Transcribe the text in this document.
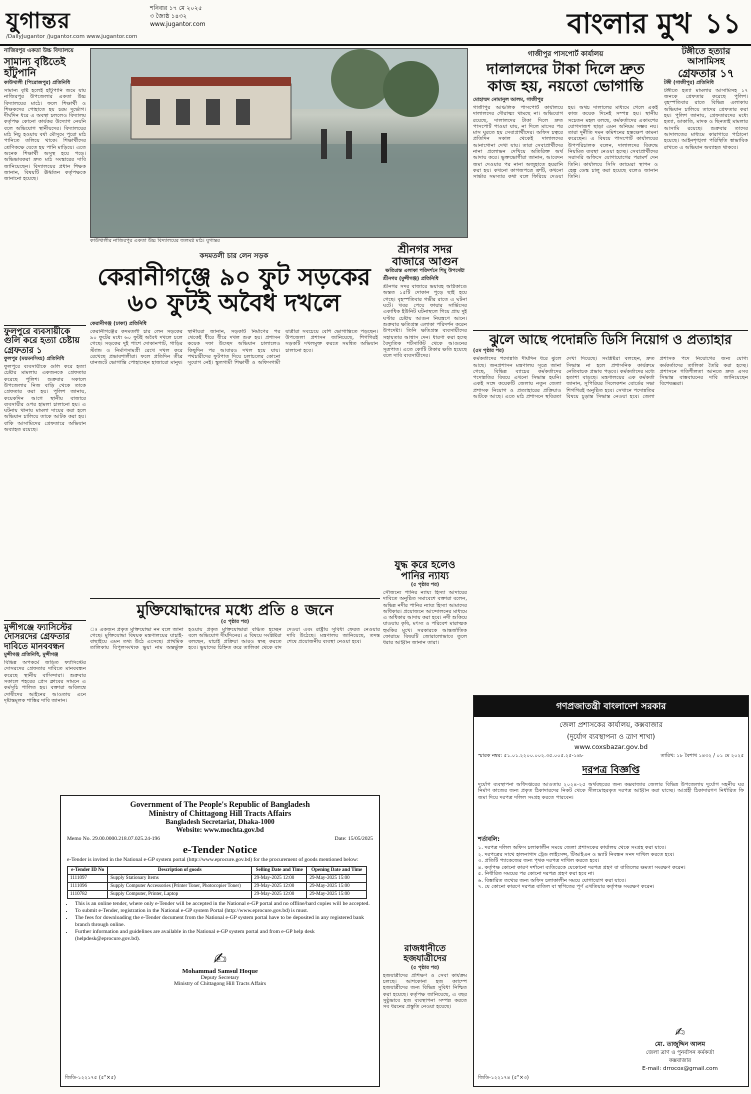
যুগান্তর	শনিবার ১৭ মে ২০২৫
৩ জ্যৈষ্ঠ ১৪৩২
www.jugantor.com
/DailyJugantor /jugantor.com www.jugantor.com	বাংলার মুখ ১১
নাজিরপুর একতা উচ্চ বিদ্যালয়ে
সামান্য বৃষ্টিতেই হাঁটুপানি
কাউখালী (পিরোজপুর) প্রতিনিধি
সামান্য বৃষ্টি হলেই হাঁটুপানি জমে যায় নাজিরপুর উপজেলার একতা উচ্চ বিদ্যালয়ের মাঠে। ফলে শিক্ষার্থী ও শিক্ষকদের পোহাতে হয় চরম দুর্ভোগ। দীর্ঘদিন ধরে এ অবস্থা চললেও বিদ্যালয় কর্তৃপক্ষ কোনো কার্যকর উদ্যোগ নেয়নি বলে অভিযোগ স্থানীয়দের। বিদ্যালয়ের মাঠ নিচু হওয়ায় বর্ষা মৌসুমে পুরো মাঠ পানিতে তলিয়ে থাকে। শিক্ষার্থীদের শ্রেণিকক্ষে যেতে হয় পানি মাড়িয়ে। এতে অনেক শিক্ষার্থী অসুস্থ হয়ে পড়ে। অভিভাবকরা দ্রুত মাঠ সংস্কারের দাবি জানিয়েছেন। বিদ্যালয়ের প্রধান শিক্ষক জানান, বিষয়টি ঊর্ধ্বতন কর্তৃপক্ষকে জানানো হয়েছে।
ফুলপুরে ব্যবসায়ীকে গুলি করে হত্যা চেষ্টায় গ্রেফতার ১
ফুলপুর (ময়মনসিংহ) প্রতিনিধি
ফুলপুরে ব্যবসায়ীকে গুলি করে হত্যা চেষ্টার মামলায় একজনকে গ্রেফতার করেছে পুলিশ। শুক্রবার সকালে উপজেলার নিজ বাড়ি থেকে তাকে গ্রেফতার করা হয়। পুলিশ জানায়, কয়েকদিন আগে স্থানীয় বাজারে ব্যবসায়ীর ওপর হামলা চালানো হয়। এ ঘটনায় থানায় মামলা দায়ের করা হলে অভিযান চালিয়ে তাকে আটক করা হয়। বাকি আসামিদের গ্রেফতারে অভিযান অব্যাহত রয়েছে।
মুন্সীগঞ্জে ফ্যাসিস্টের দোসরদের গ্রেফতার দাবিতে মানববন্ধন
মুন্সীগঞ্জ প্রতিনিধি, মুন্সীগঞ্জ
বিভিন্ন অপকর্মে জড়িত ফ্যাসিস্টের দোসরদের গ্রেফতার দাবিতে মানববন্ধন করেছে স্থানীয় বাসিন্দারা। শুক্রবার সকালে শহরের প্রেস ক্লাবের সামনে এ কর্মসূচি পালিত হয়। বক্তারা অবিলম্বে দোষীদের আইনের আওতায় এনে দৃষ্টান্তমূলক শাস্তির দাবি জানান।
কাউখালীর নাজিরপুর একতা উচ্চ বিদ্যালয়ের জলমগ্ন মাঠ। যুগান্তর
কদমতলী চার লেন সড়ক
কেরানীগঞ্জে ৯০ ফুট সড়কের ৬০ ফুটই অবৈধ দখলে
কেরানীগঞ্জ (ঢাকা) প্রতিনিধি
কেরানীগঞ্জের কদমতলী চার লেন সড়কের ৯০ ফুটের মধ্যে ৬০ ফুটই অবৈধ দখলে চলে গেছে। সড়কের দুই পাশে দোকানপাট, গাড়ির স্ট্যান্ড ও নির্মাণসামগ্রী রেখে দখল করে রেখেছে প্রভাবশালীরা। ফলে প্রতিদিন তীব্র যানজটে ভোগান্তি পোহাচ্ছেন হাজারো মানুষ। স্থানীয়রা জানান, সড়কটি নির্মাণের পর থেকেই ধীরে ধীরে দখল শুরু হয়। প্রশাসন কয়েক দফা উচ্ছেদ অভিযান চালালেও কিছুদিন পর আবারও দখল হয়ে যায়। পথচারীদের ফুটপাত দিয়ে চলাচলের কোনো সুযোগ নেই। স্কুলগামী শিক্ষার্থী ও অফিসগামী যাত্রীরা সবচেয়ে বেশি ভোগান্তিতে পড়ছেন। উপজেলা প্রশাসন জানিয়েছে, শিগগিরই সড়কটি দখলমুক্ত করতে সমন্বিত অভিযান চালানো হবে।
শ্রীনগর সদর বাজারে আগুন
ক্ষতিগ্রস্ত এলাকা পরিদর্শনে শিমু উপদেষ্টা
শ্রীনগর (মুন্সীগঞ্জ) প্রতিনিধি
শ্রীনগর সদর বাজারে ভয়াবহ অগ্নিকাণ্ডে অন্তত ১৫টি দোকান পুড়ে ছাই হয়ে গেছে। বৃহস্পতিবার গভীর রাতে এ ঘটনা ঘটে। খবর পেয়ে ফায়ার সার্ভিসের একাধিক ইউনিট ঘটনাস্থলে গিয়ে প্রায় দুই ঘণ্টার চেষ্টায় আগুন নিয়ন্ত্রণে আনে। শুক্রবার ক্ষতিগ্রস্ত এলাকা পরিদর্শন করেন উপদেষ্টা। তিনি ক্ষতিগ্রস্ত ব্যবসায়ীদের সহায়তার আশ্বাস দেন। ধারণা করা হচ্ছে বৈদ্যুতিক শর্টসার্কিট থেকে আগুনের সূত্রপাত। এতে কোটি টাকার ক্ষতি হয়েছে বলে দাবি ব্যবসায়ীদের।
মুক্তিযোদ্ধাদের মধ্যে প্রতি ৪ জনে
(৫ পৃষ্ঠার পর)
ঃ একজন প্রকৃত মুক্তিযোদ্ধা নন বলে জানা গেছে। মুক্তিযোদ্ধা বিষয়ক মন্ত্রণালয়ের যাচাই-বাছাইয়ে এমন তথ্য উঠে এসেছে। প্রাথমিক তালিকায় বিপুলসংখ্যক ভুয়া নাম অন্তর্ভুক্ত হওয়ায় প্রকৃত মুক্তিযোদ্ধারা বঞ্চিত হচ্ছেন বলে অভিযোগ দীর্ঘদিনের। এ বিষয়ে সংশ্লিষ্টরা বলছেন, যাচাই প্রক্রিয়া আরও স্বচ্ছ করতে হবে। ভুয়াদের চিহ্নিত করে তালিকা থেকে বাদ দেওয়া এবং রাষ্ট্রীয় সুবিধা ফেরত নেওয়ার দাবি উঠেছে। মন্ত্রণালয় জানিয়েছে, তদন্ত শেষে প্রয়োজনীয় ব্যবস্থা নেওয়া হবে।
যুদ্ধ করে হলেও পানির ন্যায্য
(৫ পৃষ্ঠার পর)
সৌজন্যে পানির ন্যায্য হিস্যা আদায়ের দাবিতে অনুষ্ঠিত সমাবেশে বক্তারা বলেন, অভিন্ন নদীর পানির ন্যায্য হিস্যা আমাদের অধিকার। প্রয়োজনে আন্দোলনের মাধ্যমে এ অধিকার আদায় করা হবে। নদী শুকিয়ে যাওয়ায় কৃষি, মৎস্য ও পরিবেশ মারাত্মক হুমকির মুখে। সরকারকে আন্তর্জাতিক ফোরামে বিষয়টি জোরালোভাবে তুলে ধরার আহ্বান জানান তারা।
রাজধানীতে হজযাত্রীদের
(৫ পৃষ্ঠার পর)
হজযাত্রীদের প্রশিক্ষণ ও সেবা কার্যক্রম চলছে। আশকোনা হজ ক্যাম্পে হজযাত্রীদের জন্য বিভিন্ন সুবিধা নিশ্চিত করা হয়েছে। কর্তৃপক্ষ জানিয়েছে, এ বছর সুষ্ঠুভাবে হজ ব্যবস্থাপনা সম্পন্ন করতে সব ধরনের প্রস্তুতি নেওয়া হয়েছে।
Government of The People's Republic of Bangladesh
Ministry of Chittagong Hill Tracts Affairs
Bangladesh Secretariat, Dhaka-1000
Website: www.mochta.gov.bd
Memo No. 29.00.0000.218.07.025.24-196	Date: 15/05/2025
e-Tender Notice
e-Tender is invited in the National e-GP system portal (http://www.eprocure.gov.bd) for the procurement of goods mentioned below:
e-Tender ID No	Description of goods	Selling Date and Time	Opening Date and Time
1111097	Supply Stationary Items	29-May-2025 12:00	29-May-2025 15:00
1111096	Supply Computer Accessories (Printer Toner, Photocopier Toner)	29-May-2025 12:00	29-May-2025 15:00
1110782	Supply Computer, Printer, Laptop	29-May-2025 12:00	29-May-2025 15:00
• This is an online tender, where only e-Tender will be accepted in the National e-GP portal and no offline/hard copies will be accepted.
• To submit e-Tender, registration in the National e-GP system Portal (http://www.eprocure.gov.bd) is must.
• The fees for downloading the e-Tender document from the National e-GP system portal have to be deposited in any registered bank branch through online.
• Further information and guidelines are available in the National e-GP system portal and from e-GP help desk (helpdesk@eprocure.gov.bd).
✍
Mohammad Samsul Hoque
Deputy Secretary
Ministry of Chittagong Hill Tracts Affairs
জিডি-১২২১৭৫ (৫"×৫)
গাজীপুর পাসপোর্ট কার্যালয়
দালালদের টাকা দিলে দ্রুত কাজ হয়, নয়তো ভোগান্তি
মোহাম্মদ নোমানুল আলম, গাজীপুর
গাজীপুর আঞ্চলিক পাসপোর্ট কার্যালয়ে দালালদের দৌরাত্ম্য থামছে না। অভিযোগ রয়েছে, দালালদের টাকা দিলে দ্রুত পাসপোর্ট পাওয়া যায়, না দিলে মাসের পর মাস ঘুরতে হয় সেবাপ্রার্থীদের। অফিস চত্বরে প্রতিদিন সকাল থেকেই দালালদের আনাগোনা দেখা যায়। তারা সেবাপ্রার্থীদের নানা প্রলোভন দেখিয়ে অতিরিক্ত অর্থ আদায় করে। ভুক্তভোগীরা জানান, আবেদন জমা দেওয়ার পর নানা অজুহাতে হয়রানি করা হয়। কখনো কাগজপত্রে ত্রুটি, কখনো সার্ভার সমস্যার কথা বলে ফিরিয়ে দেওয়া হয়। অথচ দালালের মাধ্যমে গেলে একই কাজ কয়েক দিনেই সম্পন্ন হয়। স্থানীয় সচেতন মহল বলছে, কর্মকর্তাদের একাংশের যোগসাজশ ছাড়া এমন অনিয়ম সম্ভব নয়। তারা দুর্নীতি দমন কমিশনের হস্তক্ষেপ কামনা করেছেন। এ বিষয়ে পাসপোর্ট কার্যালয়ের উপপরিচালক বলেন, দালালদের বিরুদ্ধে নিয়মিত ব্যবস্থা নেওয়া হচ্ছে। সেবাপ্রার্থীদের সরাসরি অফিসে যোগাযোগের পরামর্শ দেন তিনি। কার্যালয়ে সিসি ক্যামেরা স্থাপন ও হেল্প ডেস্ক চালু করা হয়েছে বলেও জানান তিনি।
টঙ্গীতে হত্যার আসামিসহ
গ্রেফতার ১৭
টঙ্গী (গাজীপুর) প্রতিনিধি
টঙ্গীতে হত্যা মামলার আসামিসহ ১৭ জনকে গ্রেফতার করেছে পুলিশ। বৃহস্পতিবার রাতে বিভিন্ন এলাকায় অভিযান চালিয়ে তাদের গ্রেফতার করা হয়। পুলিশ জানায়, গ্রেফতারদের মধ্যে হত্যা, ডাকাতি, মাদক ও ছিনতাই মামলার আসামি রয়েছে। শুক্রবার তাদের আদালতের মাধ্যমে কারাগারে পাঠানো হয়েছে। আইনশৃঙ্খলা পরিস্থিতি স্বাভাবিক রাখতে এ অভিযান অব্যাহত থাকবে।
ঝুলে আছে পদোন্নতি ডিসি নিয়োগ ও প্রত্যাহার
(৫ম পৃষ্ঠার পর)
কর্মকর্তাদের পদোন্নতি দীর্ঘদিন ধরে ঝুলে আছে। জনপ্রশাসন মন্ত্রণালয় সূত্রে জানা গেছে, বিভিন্ন ব্যাচের কর্মকর্তাদের পদোন্নতির বিষয়ে এখনো সিদ্ধান্ত হয়নি। একই সঙ্গে কয়েকটি জেলায় নতুন জেলা প্রশাসক নিয়োগ ও প্রত্যাহারের প্রক্রিয়াও আটকে আছে। এতে মাঠ প্রশাসনে স্থবিরতা দেখা দিয়েছে। সংশ্লিষ্টরা বলছেন, দ্রুত সিদ্ধান্ত না হলে প্রশাসনিক কার্যক্রমে নেতিবাচক প্রভাব পড়বে। কর্মকর্তাদের মধ্যে হতাশা বাড়ছে। মন্ত্রণালয়ের এক কর্মকর্তা জানান, সুপিরিয়র সিলেকশন বোর্ডের সভা শিগগিরই অনুষ্ঠিত হবে। সেখানে পদোন্নতির বিষয়ে চূড়ান্ত সিদ্ধান্ত নেওয়া হবে। জেলা প্রশাসক পদে নিয়োগের জন্য যোগ্য কর্মকর্তাদের তালিকা তৈরি করা হচ্ছে। প্রশাসনে গতিশীলতা আনতে দ্রুত এসব সিদ্ধান্ত বাস্তবায়নের দাবি জানিয়েছেন বিশেষজ্ঞরা।
গণপ্রজাতন্ত্রী বাংলাদেশ সরকার
জেলা প্রশাসকের কার্যালয়, কক্সবাজার
(দুর্যোগ ব্যবস্থাপনা ও ত্রাণ শাখা)
www.coxsbazar.gov.bd
স্মারক নম্বর: ৫১.০১.২২০০.০০২.৩৫.০০৫.২৫-১৪৮	তারিখ: ১৮ বৈশাখ ১৪৩২ / ০১ মে ২০২৫
দরপত্র বিজ্ঞপ্তি
দুর্যোগ ব্যবস্থাপনা অধিদপ্তরের আওতায় ২০২৪-২৫ অর্থবছরের জন্য কক্সবাজার জেলার বিভিন্ন উপজেলায় দুর্যোগ সহনীয় ঘর নির্মাণ কাজের জন্য প্রকৃত ঠিকাদারদের নিকট থেকে সীলমোহরকৃত দরপত্র আহ্বান করা যাচ্ছে। আগ্রহী ঠিকাদারগণ নির্ধারিত ফি জমা দিয়ে দরপত্র দলিল সংগ্রহ করতে পারবেন।
শর্তাবলি:
১. দরপত্র দলিল অফিস চলাকালীন সময়ে জেলা প্রশাসকের কার্যালয় থেকে সংগ্রহ করা যাবে।
২. দরপত্রের সাথে হালনাগাদ ট্রেড লাইসেন্স, টিআইএন ও ভ্যাট নিবন্ধন সনদ দাখিল করতে হবে।
৩. প্রতিটি প্যাকেজের জন্য পৃথক দরপত্র দাখিল করতে হবে।
৪. কর্তৃপক্ষ কোনো কারণ দর্শানো ব্যতিরেকে যেকোনো দরপত্র গ্রহণ বা বাতিলের ক্ষমতা সংরক্ষণ করেন।
৫. নির্ধারিত সময়ের পর কোনো দরপত্র গ্রহণ করা হবে না।
৬. বিস্তারিত তথ্যের জন্য অফিস চলাকালীন সময়ে যোগাযোগ করা যাবে।
৭. যে কোনো কারণে দরপত্র বাতিল বা স্থগিতের পূর্ণ এখতিয়ার কর্তৃপক্ষ সংরক্ষণ করেন।
✍
মো. তাজুদ্দিন আলম
জেলা ত্রাণ ও পুনর্বাসন কর্মকর্তা
কক্সবাজার
E-mail: drrocox@gmail.com
জিডি-১২২১৭৪ (৫"×৩)
